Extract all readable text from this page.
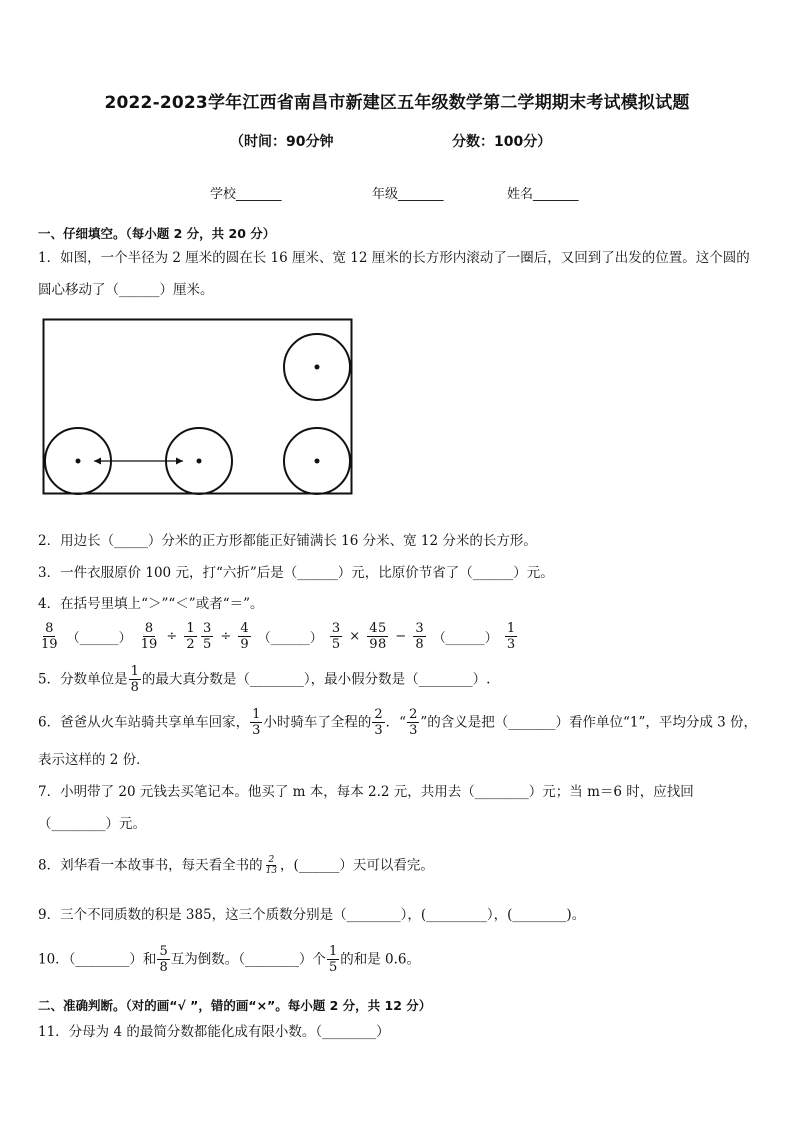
2022-2023学年江西省南昌市新建区五年级数学第二学期期末考试模拟试题
（时间：90分钟	分数：100分）
学校_______	年级_______	姓名_______
一、仔细填空。（每小题 2 分，共 20 分）
1．如图，一个半径为 2 厘米的圆在长 16 厘米、宽 12 厘米的长方形内滚动了一圈后，又回到了出发的位置。这个圆的
圆心移动了（______）厘米。
2．用边长（_____）分米的正方形都能正好铺满长 16 分米、宽 12 分米的长方形。
3．一件衣服原价 100 元，打“六折”后是（______）元，比原价节省了（______）元。
4．在括号里填上“＞”“＜”或者“＝”。
$\frac{8}{19}$ （______） $\frac{8}{19} \div \frac{1}{2} \frac{3}{5} \div \frac{4}{9}$ （______） $\frac{3}{5} \times \frac{4}{9}$
$\frac{5}{8} - \frac{3}{8}$ （______） $\frac{1}{3}$
5．分数单位是 $\frac{1}{8}$ 的最大真分数是（________），最小假分数是（________）.
6．爸爸从火车站骑共享单车回家， $\frac{1}{3}$ 小时骑车了全程的 $\frac{2}{3}$ ．“ $\frac{2}{3}$ ”的含义是把（_______）看作单位“1”，平均分成 3 份，
表示这样的 2 份．
7．小明带了 20 元钱去买笔记本。他买了 m 本，每本 2.2 元，共用去（________）元；当 m＝6 时，应找回
（________）元。
8．刘华看一本故事书，每天看全书的 $\frac{2}{13}$ ，(______）天可以看完。
9．三个不同质数的积是 385，这三个质数分别是（________），(_________），(________)。
10．（________）和 $\frac{5}{8}$ 互为倒数。（________）个 $\frac{1}{5}$ 的和是 0.6。
二、准确判断。（对的画“√ ”，错的画“×”。每小题 2 分，共 12 分）
11．分母为 4 的最简分数都能化成有限小数。（________）
